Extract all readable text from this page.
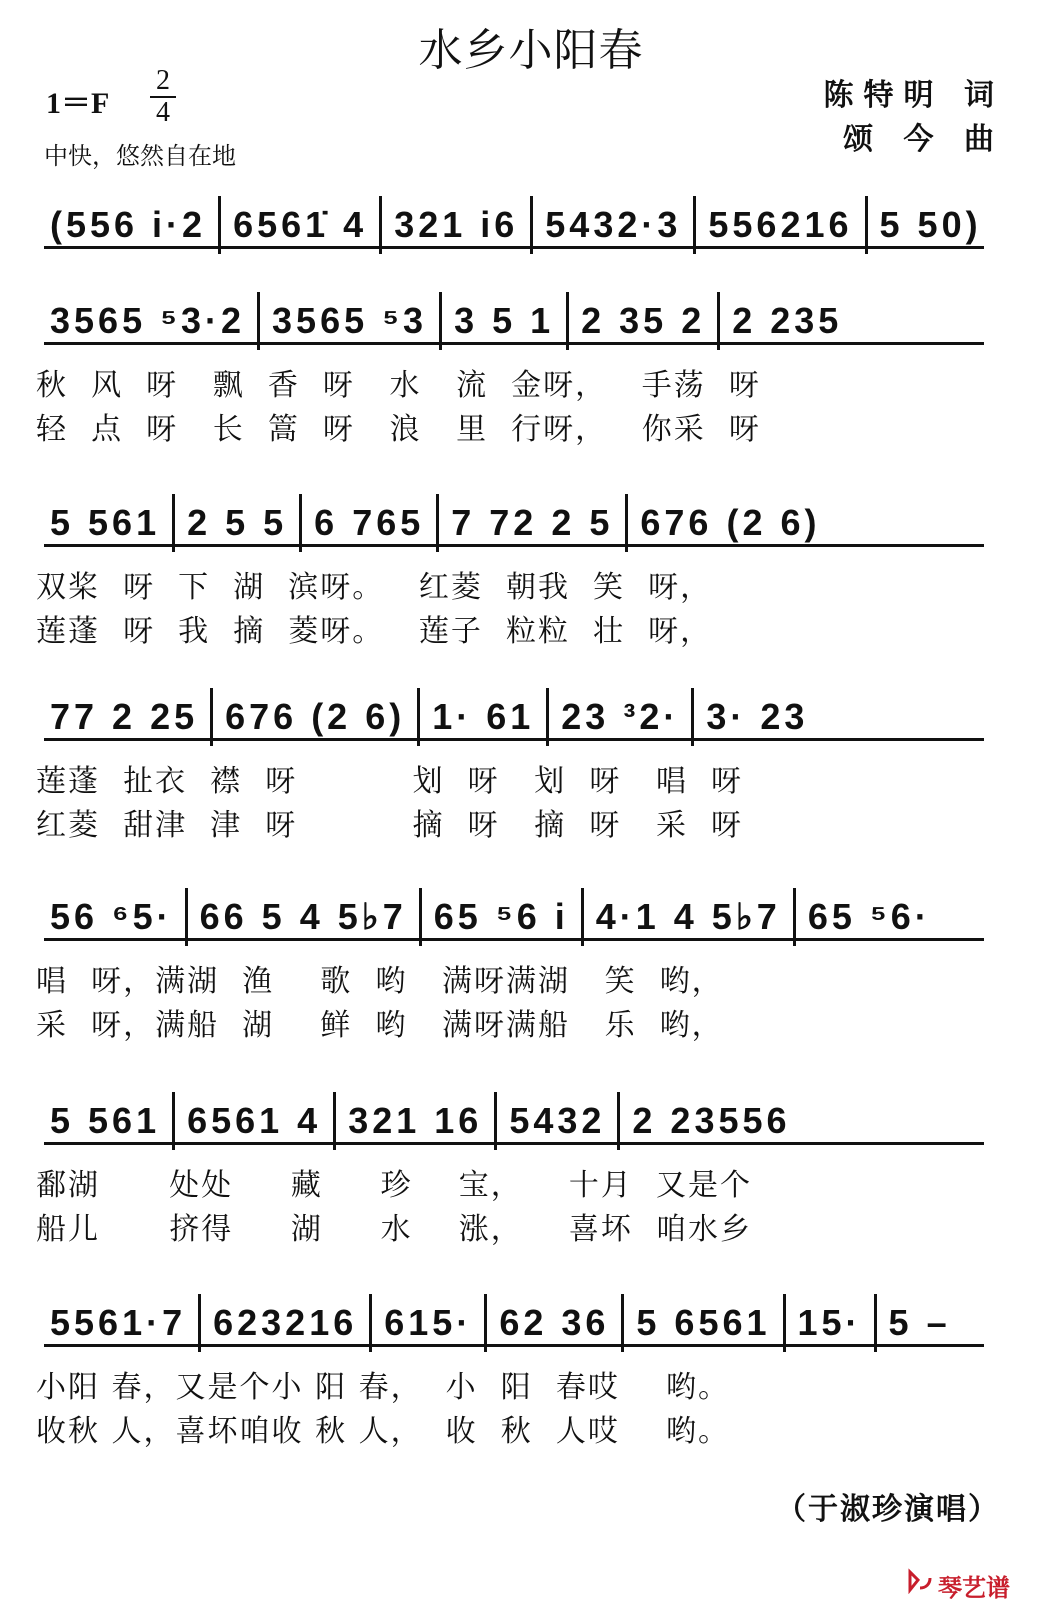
水乡小阳春
1＝F
2
4
中快，悠然自在地
陈特明 词
颂 今 曲
(556 i·2 6561̇ 4 321 i6 5432·3 556216 5 50)
3565 ⁵3·2 3565 ⁵3 3 5 1 2 35 2 2 235
秋  风  呀   飘  香  呀   水   流  金呀，   手荡  呀
轻  点  呀   长  篙  呀   浪   里  行呀，   你采  呀
5 561 2 5 5 6 765 7 72 2 5 676 (2 6)
双桨  呀  下  湖  滨呀。   红菱  朝我  笑  呀，
莲蓬  呀  我  摘  菱呀。   莲子  粒粒  壮  呀，
77 2 25 676 (2 6) 1· 61 23 ³2· 3· 23
莲蓬  扯衣  襟  呀          划  呀   划  呀   唱  呀
红菱  甜津  津  呀          摘  呀   摘  呀   采  呀
56 ⁶5· 66 5 4 5♭7 65 ⁵6 i 4·1 4 5♭7 65 ⁵6·
唱  呀，满湖  渔    歌  哟   满呀满湖   笑  哟，
采  呀，满船  湖    鲜  哟   满呀满船   乐  哟，
5 561 6561 4 321 16 5432 2 23556
鄱湖      处处     藏     珍    宝，    十月  又是个
船儿      挤得     湖     水    涨，    喜坏  咱水乡
5561·7 623216 615· 62 36 5 6561 15· 5 –
小阳 春，又是个小 阳 春，  小  阳  春哎    哟。
收秋 人，喜坏咱收 秋 人，  收  秋  人哎    哟。
（于淑珍演唱）
琴艺谱
